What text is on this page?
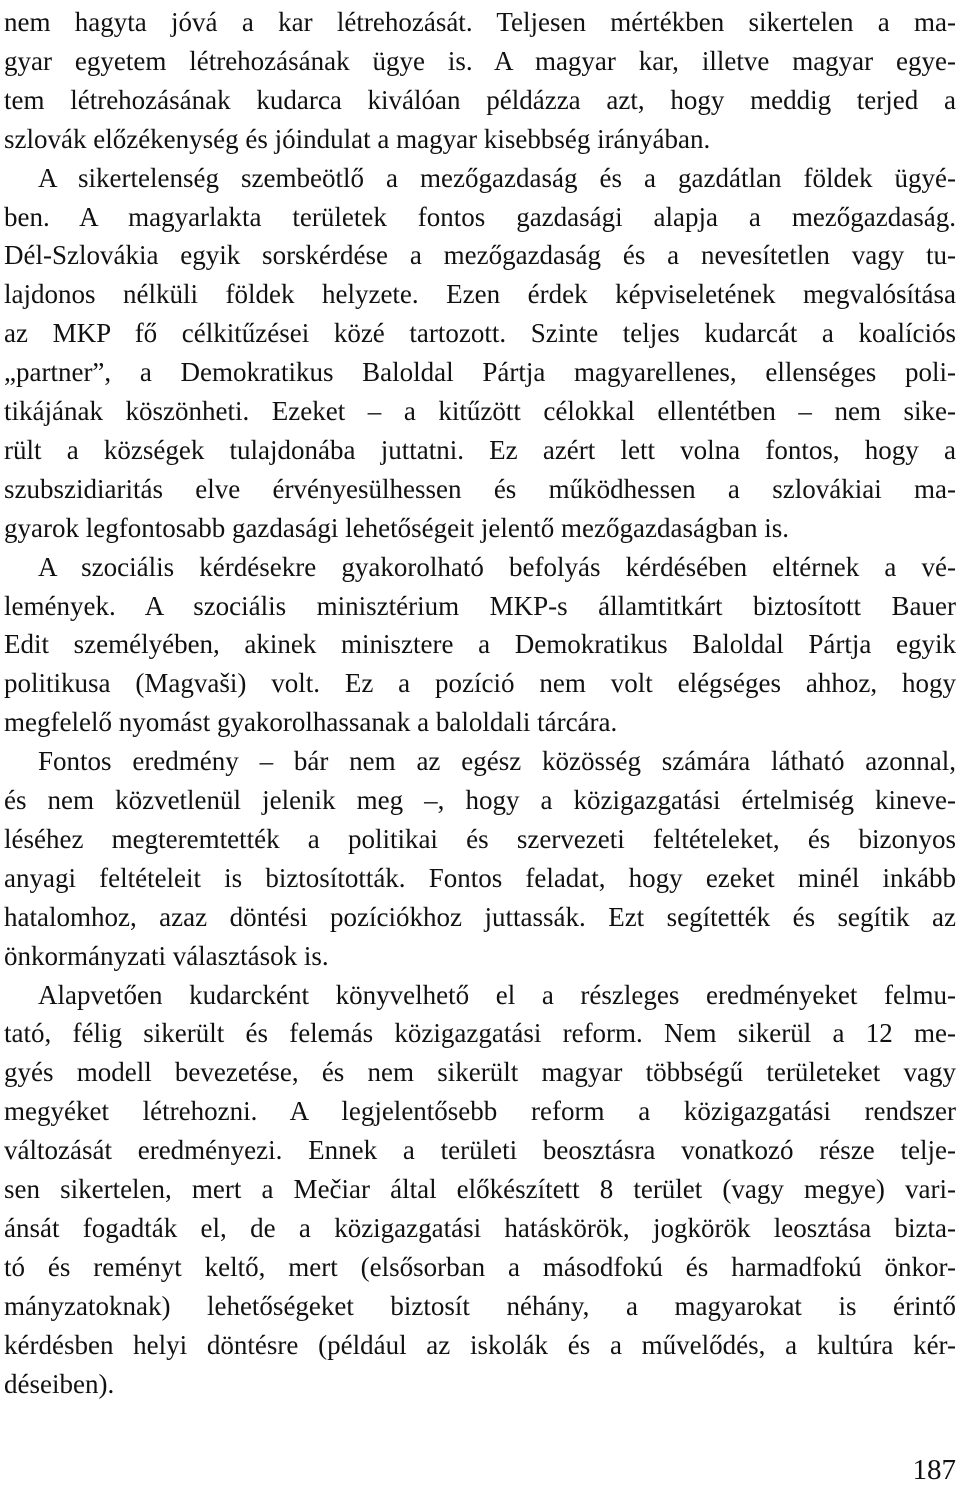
nem hagyta jóvá a kar létrehozását. Teljesen mértékben sikertelen a ma-
gyar egyetem létrehozásának ügye is. A magyar kar, illetve magyar egye-
tem létrehozásának kudarca kiválóan példázza azt, hogy meddig terjed a
szlovák előzékenység és jóindulat a magyar kisebbség irányában.
A sikertelenség szembeötlő a mezőgazdaság és a gazdátlan földek ügyé-
ben. A magyarlakta területek fontos gazdasági alapja a mezőgazdaság.
Dél-Szlovákia egyik sorskérdése a mezőgazdaság és a nevesítetlen vagy tu-
lajdonos nélküli földek helyzete. Ezen érdek képviseletének megvalósítása
az MKP fő célkitűzései közé tartozott. Szinte teljes kudarcát a koalíciós
„partner”, a Demokratikus Baloldal Pártja magyarellenes, ellenséges poli-
tikájának köszönheti. Ezeket – a kitűzött célokkal ellentétben – nem sike-
rült a községek tulajdonába juttatni. Ez azért lett volna fontos, hogy a
szubszidiaritás elve érvényesülhessen és működhessen a szlovákiai ma-
gyarok legfontosabb gazdasági lehetőségeit jelentő mezőgazdaságban is.
A szociális kérdésekre gyakorolható befolyás kérdésében eltérnek a vé-
lemények. A szociális minisztérium MKP-s államtitkárt biztosított Bauer
Edit személyében, akinek minisztere a Demokratikus Baloldal Pártja egyik
politikusa (Magvaši) volt. Ez a pozíció nem volt elégséges ahhoz, hogy
megfelelő nyomást gyakorolhassanak a baloldali tárcára.
Fontos eredmény – bár nem az egész közösség számára látható azonnal,
és nem közvetlenül jelenik meg –, hogy a közigazgatási értelmiség kineve-
léséhez megteremtették a politikai és szervezeti feltételeket, és bizonyos
anyagi feltételeit is biztosították. Fontos feladat, hogy ezeket minél inkább
hatalomhoz, azaz döntési pozíciókhoz juttassák. Ezt segítették és segítik az
önkormányzati választások is.
Alapvetően kudarcként könyvelhető el a részleges eredményeket felmu-
tató, félig sikerült és felemás közigazgatási reform. Nem sikerül a 12 me-
gyés modell bevezetése, és nem sikerült magyar többségű területeket vagy
megyéket létrehozni. A legjelentősebb reform a közigazgatási rendszer
változását eredményezi. Ennek a területi beosztásra vonatkozó része telje-
sen sikertelen, mert a Mečiar által előkészített 8 terület (vagy megye) vari-
ánsát fogadták el, de a közigazgatási hatáskörök, jogkörök leosztása bizta-
tó és reményt keltő, mert (elsősorban a másodfokú és harmadfokú önkor-
mányzatoknak) lehetőségeket biztosít néhány, a magyarokat is érintő
kérdésben helyi döntésre (például az iskolák és a művelődés, a kultúra kér-
déseiben).
187
